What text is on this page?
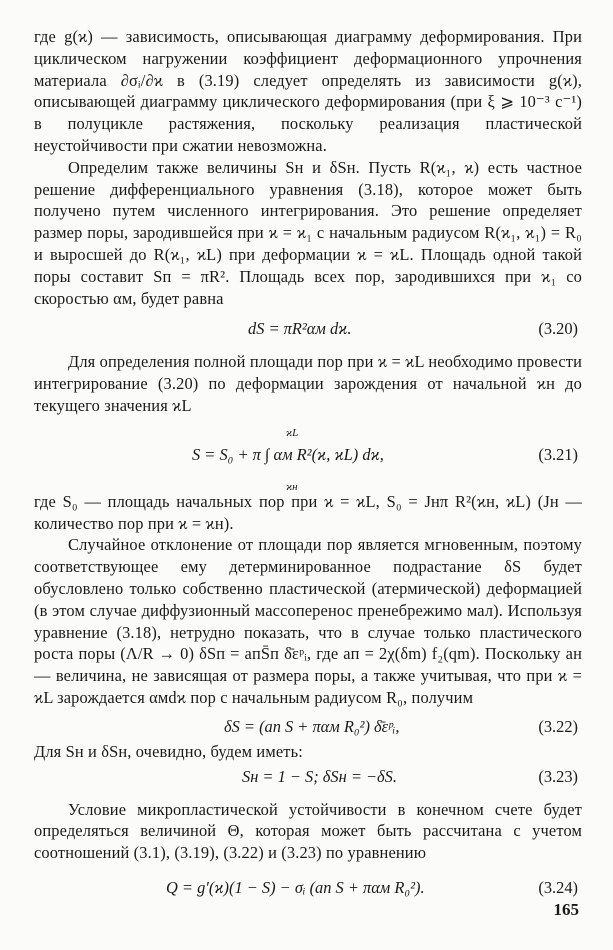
где g(ϰ) — зависимость, описывающая диаграмму деформирования. При циклическом нагружении коэффициент деформационного упрочнения материала ∂σᵢ/∂ϰ в (3.19) следует определять из зависимости g(ϰ), описывающей диаграмму циклического деформирования (при ξ ⩾ 10⁻³ с⁻¹) в полуцикле растяжения, поскольку реализация пластической неустойчивости при сжатии невозможна.

Определим также величины Sн и δSн. Пусть R(ϰ₁, ϰ) есть частное решение дифференциального уравнения (3.18), которое может быть получено путем численного интегрирования. Это решение определяет размер поры, зародившейся при ϰ = ϰ₁ с начальным радиусом R(ϰ₁, ϰ₁) = R₀ и выросшей до R(ϰ₁, ϰL) при деформации ϰ = ϰL. Площадь одной такой поры составит Sп = πR². Площадь всех пор, зародившихся при ϰ₁ со скоростью αм, будет равна

dS = πR²αм dϰ.	(3.20)

Для определения полной площади пор при ϰ = ϰL необходимо провести интегрирование (3.20) по деформации зарождения от начальной ϰн до текущего значения ϰL

ϰL
S = S₀ + π ∫ αм R²(ϰ, ϰL) dϰ,
ϰн
(3.21)

где S₀ — площадь начальных пор при ϰ = ϰL, S₀ = Jнπ R²(ϰн, ϰL) (Jн — количество пор при ϰ = ϰн).

Случайное отклонение от площади пор является мгновенным, поэтому соответствующее ему детерминированное подрастание δS будет обусловлено только собственно пластической (атермической) деформацией (в этом случае диффузионный массоперенос пренебрежимо мал). Используя уравнение (3.18), нетрудно показать, что в случае только пластического роста поры (Λ/R → 0) δSп = aпS̄п δ̄εᵖᵢ, где aп = 2χ(δm) f₂(qm). Поскольку aн — величина, не зависящая от размера поры, а также учитывая, что при ϰ = ϰL зарождается αмdϰ пор с начальным радиусом R₀, получим

δS = (aп S + παм R₀²) δ̄εᵖᵢ,	(3.22)

Для Sн и δSн, очевидно, будем иметь:

Sн = 1 − S; δSн = −δS.	(3.23)

Условие микропластической устойчивости в конечном счете будет определяться величиной Θ, которая может быть рассчитана с учетом соотношений (3.1), (3.19), (3.22) и (3.23) по уравнению

Q = g′(ϰ)(1 − S) − σᵢ (aп S + παм R₀²).	(3.24)
165
